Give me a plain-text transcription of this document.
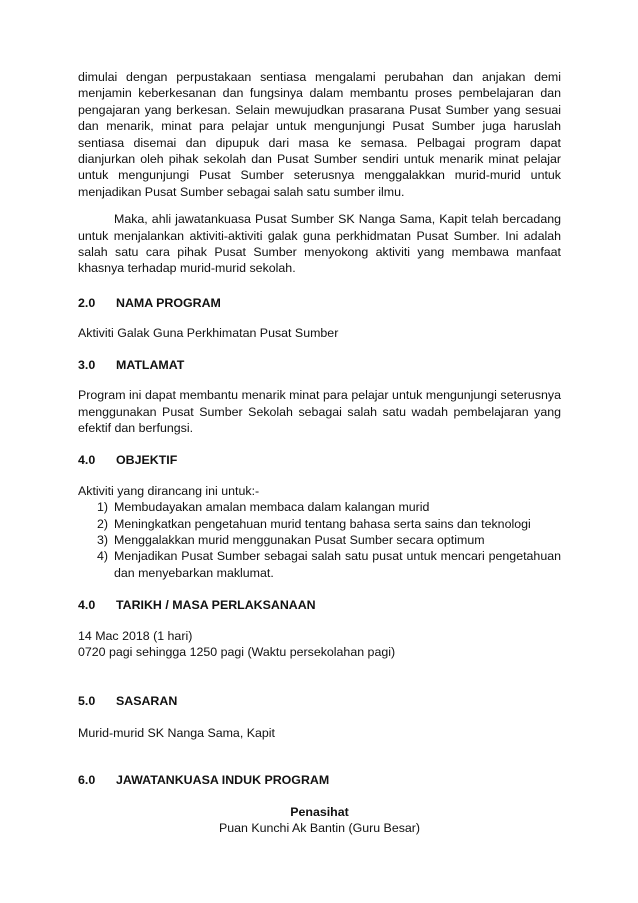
dimulai dengan perpustakaan sentiasa mengalami perubahan dan anjakan demi menjamin keberkesanan dan fungsinya dalam membantu proses pembelajaran dan pengajaran yang berkesan. Selain mewujudkan prasarana Pusat Sumber yang sesuai dan menarik, minat para pelajar untuk mengunjungi Pusat Sumber juga haruslah sentiasa disemai dan dipupuk dari masa ke semasa. Pelbagai program dapat dianjurkan oleh pihak sekolah dan Pusat Sumber sendiri untuk menarik minat pelajar untuk mengunjungi Pusat Sumber seterusnya menggalakkan murid-murid untuk menjadikan Pusat Sumber sebagai salah satu sumber ilmu.

Maka, ahli jawatankuasa Pusat Sumber SK Nanga Sama, Kapit telah bercadang untuk menjalankan aktiviti-aktiviti galak guna perkhidmatan Pusat Sumber. Ini adalah salah satu cara pihak Pusat Sumber menyokong aktiviti yang membawa manfaat khasnya terhadap murid-murid sekolah.

2.0	NAMA PROGRAM

Aktiviti Galak Guna Perkhimatan Pusat Sumber

3.0	MATLAMAT

Program ini dapat membantu menarik minat para pelajar untuk mengunjungi seterusnya menggunakan Pusat Sumber Sekolah sebagai salah satu wadah pembelajaran yang efektif dan berfungsi.

4.0	OBJEKTIF

Aktiviti yang dirancang ini untuk:-

1) Membudayakan amalan membaca dalam kalangan murid
2) Meningkatkan pengetahuan murid tentang bahasa serta sains dan teknologi
3) Menggalakkan murid menggunakan Pusat Sumber secara optimum
4) Menjadikan Pusat Sumber sebagai salah satu pusat untuk mencari pengetahuan dan menyebarkan maklumat.
4.0	TARIKH / MASA PERLAKSANAAN

14 Mac 2018 (1 hari)

0720 pagi sehingga 1250 pagi (Waktu persekolahan pagi)

5.0	SASARAN

Murid-murid SK Nanga Sama, Kapit

6.0	JAWATANKUASA INDUK PROGRAM

Penasihat

Puan Kunchi Ak Bantin (Guru Besar)
